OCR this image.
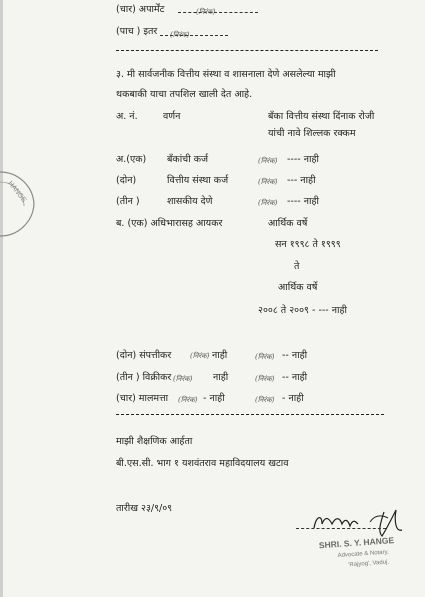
(चार) अपार्मेंट	(निरंक)
(पाच ) इतर (निरंक)
३. मी सार्वजनीक वित्तीय संस्था व शासनाला देणे असलेल्या माझी
थकबाकी याचा तपशिल खाली देत आहे.
अ. नं.	वर्णन	बँका वित्तीय संस्था दिंनाक रोजी
यांची नावे शिल्लक रक्कम
अ.(एक) बँकांची कर्ज	(निरंक) ---- नाही
(दोन)	वित्तीय संस्था कर्ज	(निरंक) --- नाही
(तीन )	शासकीय देणे	(निरंक) ---- नाही
ब. (एक) अधिभारासह आयकर	आर्थिक वर्षे
सन १९९८ ते १९९९
ते
आर्थिक वर्षे
२००८ ते २००९ - --- नाही
(दोन) संपत्तीकर	(निरंक) नाही	(निरंक) -- नाही
(तीन ) विक्रीकर (निरंक) नाही	(निरंक) -- नाही
(चार) मालमत्ता (निरंक) - नाही	(निरंक) - नाही
माझी शैक्षणिक आर्हता
बी.एस.सी. भाग १ यशवंतराव महाविदयालय खटाव
तारीख २३/९/०९
SHRI. S. Y. HANGE
Advocate & Notary,
'Rajyog', Vaduj.
HANGE
